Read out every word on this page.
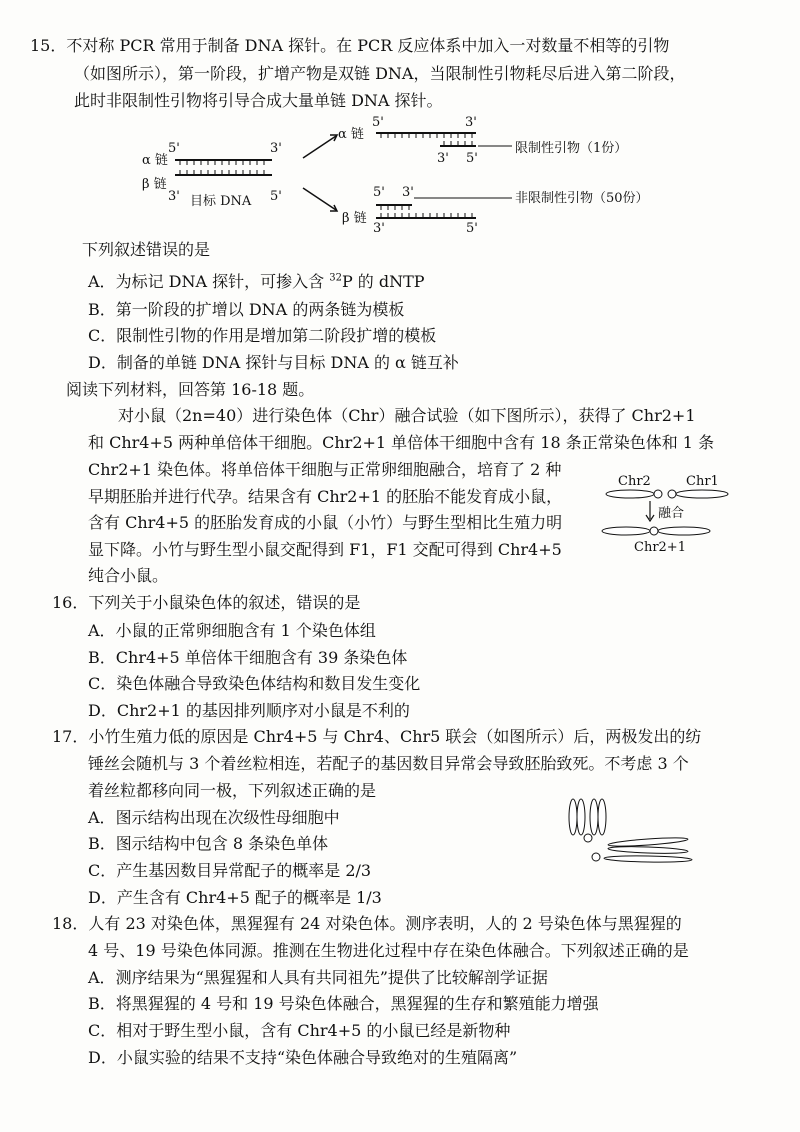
15．不对称 PCR 常用于制备 DNA 探针。在 PCR 反应体系中加入一对数量不相等的引物
（如图所示），第一阶段，扩增产物是双链 DNA，当限制性引物耗尽后进入第二阶段，
此时非限制性引物将引导合成大量单链 DNA 探针。
α 链
β 链
5'	3'
3'	5'
目标 DNA
α 链
5'	3'
3' 5'
限制性引物（1份）
5' 3'
β 链
3'	5'
非限制性引物（50份）
下列叙述错误的是
A．为标记 DNA 探针，可掺入含 $^{32}$P 的 dNTP
B．第一阶段的扩增以 DNA 的两条链为模板
C．限制性引物的作用是增加第二阶段扩增的模板
D．制备的单链 DNA 探针与目标 DNA 的 α 链互补
阅读下列材料，回答第 16-18 题。
对小鼠（2n=40）进行染色体（Chr）融合试验（如下图所示），获得了 Chr2+1
和 Chr4+5 两种单倍体干细胞。Chr2+1 单倍体干细胞中含有 18 条正常染色体和 1 条
Chr2+1 染色体。将单倍体干细胞与正常卵细胞融合，培育了 2 种
早期胚胎并进行代孕。结果含有 Chr2+1 的胚胎不能发育成小鼠，
含有 Chr4+5 的胚胎发育成的小鼠（小竹）与野生型相比生殖力明
显下降。小竹与野生型小鼠交配得到 F1，F1 交配可得到 Chr4+5
纯合小鼠。
Chr2	Chr1
融合
Chr2+1
16．下列关于小鼠染色体的叙述，错误的是
A．小鼠的正常卵细胞含有 1 个染色体组
B．Chr4+5 单倍体干细胞含有 39 条染色体
C．染色体融合导致染色体结构和数目发生变化
D．Chr2+1 的基因排列顺序对小鼠是不利的
17．小竹生殖力低的原因是 Chr4+5 与 Chr4、Chr5 联会（如图所示）后，两极发出的纺
锤丝会随机与 3 个着丝粒相连，若配子的基因数目异常会导致胚胎致死。不考虑 3 个
着丝粒都移向同一极，下列叙述正确的是
A．图示结构出现在次级性母细胞中
B．图示结构中包含 8 条染色单体
C．产生基因数目异常配子的概率是 2/3
D．产生含有 Chr4+5 配子的概率是 1/3
18．人有 23 对染色体，黑猩猩有 24 对染色体。测序表明，人的 2 号染色体与黑猩猩的
4 号、19 号染色体同源。推测在生物进化过程中存在染色体融合。下列叙述正确的是
A．测序结果为“黑猩猩和人具有共同祖先”提供了比较解剖学证据
B．将黑猩猩的 4 号和 19 号染色体融合，黑猩猩的生存和繁殖能力增强
C．相对于野生型小鼠，含有 Chr4+5 的小鼠已经是新物种
D．小鼠实验的结果不支持“染色体融合导致绝对的生殖隔离”
